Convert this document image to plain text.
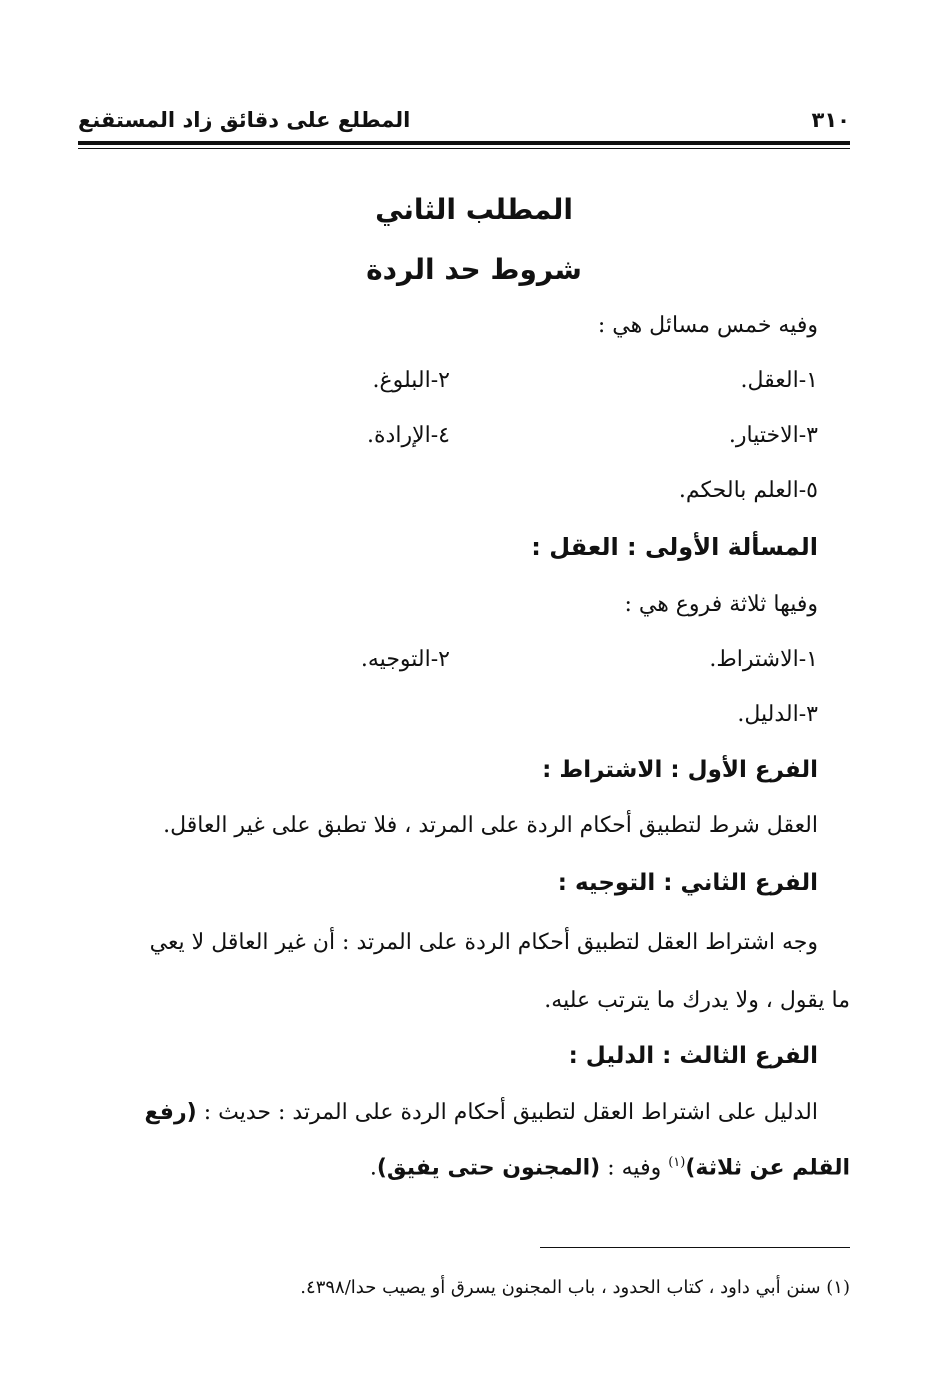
٣١٠
المطلع على دقائق زاد المستقنع
المطلب الثاني
شروط حد الردة
وفيه خمس مسائل هي :
١-العقل.
٢-البلوغ.
٣-الاختيار.
٤-الإرادة.
٥-العلم بالحكم.
المسألة الأولى : العقل :
وفيها ثلاثة فروع هي :
١-الاشتراط.
٢-التوجيه.
٣-الدليل.
الفرع الأول : الاشتراط :
العقل شرط لتطبيق أحكام الردة على المرتد ، فلا تطبق على غير العاقل.
الفرع الثاني : التوجيه :
وجه اشتراط العقل لتطبيق أحكام الردة على المرتد : أن غير العاقل لا يعي
ما يقول ، ولا يدرك ما يترتب عليه.
الفرع الثالث : الدليل :
الدليل على اشتراط العقل لتطبيق أحكام الردة على المرتد : حديث : (رفع
القلم عن ثلاثة)$^{(١)}$ وفيه : (المجنون حتى يفيق).
(١) سنن أبي داود ، كتاب الحدود ، باب المجنون يسرق أو يصيب حدا/٤٣٩٨.
